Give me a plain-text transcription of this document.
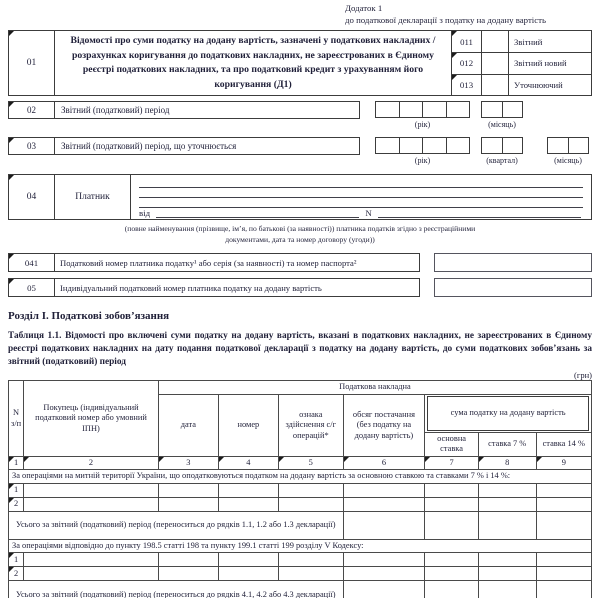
Додаток 1
до податкової декларації з податку на додану вартість
01
Відомості про суми податку на додану вартість, зазначені у податкових накладних / розрахунках коригування до податкових накладних, не зареєстрованих в Єдиному реєстрі податкових накладних, та про податковий кредит з урахуванням його коригування (Д1)
011	Звітний
012	Звітний новий
013	Уточнюючий
02	Звітний (податковий) період
(рік)	(місяць)
03	Звітний (податковий) період, що уточнюється
(рік)	(квартал)	(місяць)
04	Платник
від	N
(повне найменування (прізвище, ім’я, по батькові (за наявності)) платника податків згідно з реєстраційними
документами, дата та номер договору (угоди))
041	Податковий номер платника податку¹ або серія (за наявності) та номер паспорта²
05	Індивідуальний податковий номер платника податку на додану вартість
Розділ I. Податкові зобов’язання
Таблиця 1.1. Відомості про включені суми податку на додану вартість, вказані в податкових накладних, не зареєстрованих в Єдиному реєстрі податкових накладних на дату подання податкової декларації з податку на додану вартість, до суми податкових зобов’язань за звітний (податковий) період
(грн)
N з/п	Покупець (індивідуальний податковий номер або умовний ІПН)	Податкова накладна						
		дата	номер	ознака здійснення с/г операцій*	обсяг постачання (без податку на додану вартість)	сума податку на додану вартість		

						основна ставка	ставка 7 %	ставка 14 %
1	2	3	4	5	6	7	8	9

За операціями на митній території України, що оподатковуються податком на додану вартість за основною ставкою та ставками 7 % і 14 %:								

1								
2								
Усього за звітний (податковий) період (переноситься до рядків 1.1, 1.2 або 1.3 декларації)								
За операціями відповідно до пункту 198.5 статті 198 та пункту 199.1 статті 199 розділу V Кодексу:								
1								
2								
Усього за звітний (податковий) період (переноситься до рядків 4.1, 4.2 або 4.3 декларації)								
